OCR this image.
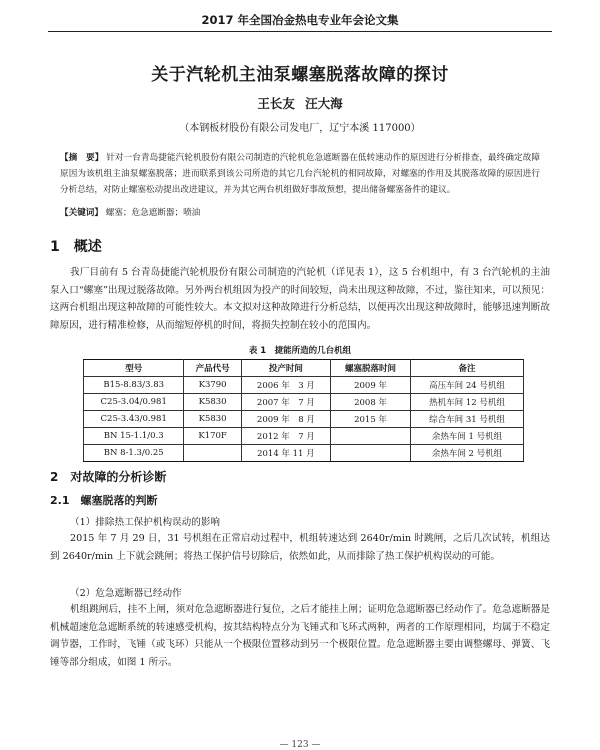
2017 年全国冶金热电专业年会论文集
关于汽轮机主油泵螺塞脱落故障的探讨
王长友 汪大海
（本钢板材股份有限公司发电厂，辽宁本溪 117000）
【摘　要】 针对一台青岛捷能汽轮机股份有限公司制造的汽轮机危急遮断器在低转速动作的原因进行分析排查，最终确定故障原因为该机组主油泵螺塞脱落；进而联系到该公司所造的其它几台汽轮机的相同故障，对螺塞的作用及其脱落故障的原因进行分析总结，对防止螺塞松动提出改进建议，并为其它两台机组做好事故预想，提出储备螺塞备件的建议。
【关键词】 螺塞；危急遮断器；喷油
1　概述
我厂目前有 5 台青岛捷能汽轮机股份有限公司制造的汽轮机（详见表 1），这 5 台机组中，有 3 台汽轮机的主油泵入口“螺塞”出现过脱落故障。另外两台机组因为投产的时间较短，尚未出现这种故障，不过，鉴往知来，可以预见：这两台机组出现这种故障的可能性较大。本文拟对这种故障进行分析总结，以便再次出现这种故障时，能够迅速判断故障原因，进行精准检修，从而缩短停机的时间，将损失控制在较小的范围内。
表 1　捷能所造的几台机组
型号	产品代号	投产时间	螺塞脱落时间	备注
B15-8.83/3.83	K3790	2006 年　3 月	2009 年	高压车间 24 号机组
C25-3.04/0.981	K5830	2007 年　7 月	2008 年	热机车间 12 号机组
C25-3.43/0.981	K5830	2009 年　8 月	2015 年	综合车间 31 号机组
BN 15-1.1/0.3	K170F	2012 年　7 月		余热车间 1 号机组
BN 8-1.3/0.25		2014 年 11 月		余热车间 2 号机组
2　对故障的分析诊断
2.1　螺塞脱落的判断
（1）排除热工保护机构误动的影响
2015 年 7 月 29 日，31 号机组在正常启动过程中，机组转速达到 2640r/min 时跳闸，之后几次试转，机组达到 2640r/min 上下就会跳闸；将热工保护信号切除后，依然如此，从而排除了热工保护机构误动的可能。
（2）危急遮断器已经动作
机组跳闸后，挂不上闸，须对危急遮断器进行复位，之后才能挂上闸；证明危急遮断器已经动作了。危急遮断器是机械超速危急遮断系统的转速感受机构，按其结构特点分为飞锤式和飞环式两种，两者的工作原理相同，均属于不稳定调节器，工作时，飞锤（或飞环）只能从一个极限位置移动到另一个极限位置。危急遮断器主要由调整螺母、弹簧、飞锤等部分组成，如图 1 所示。
— 123 —
